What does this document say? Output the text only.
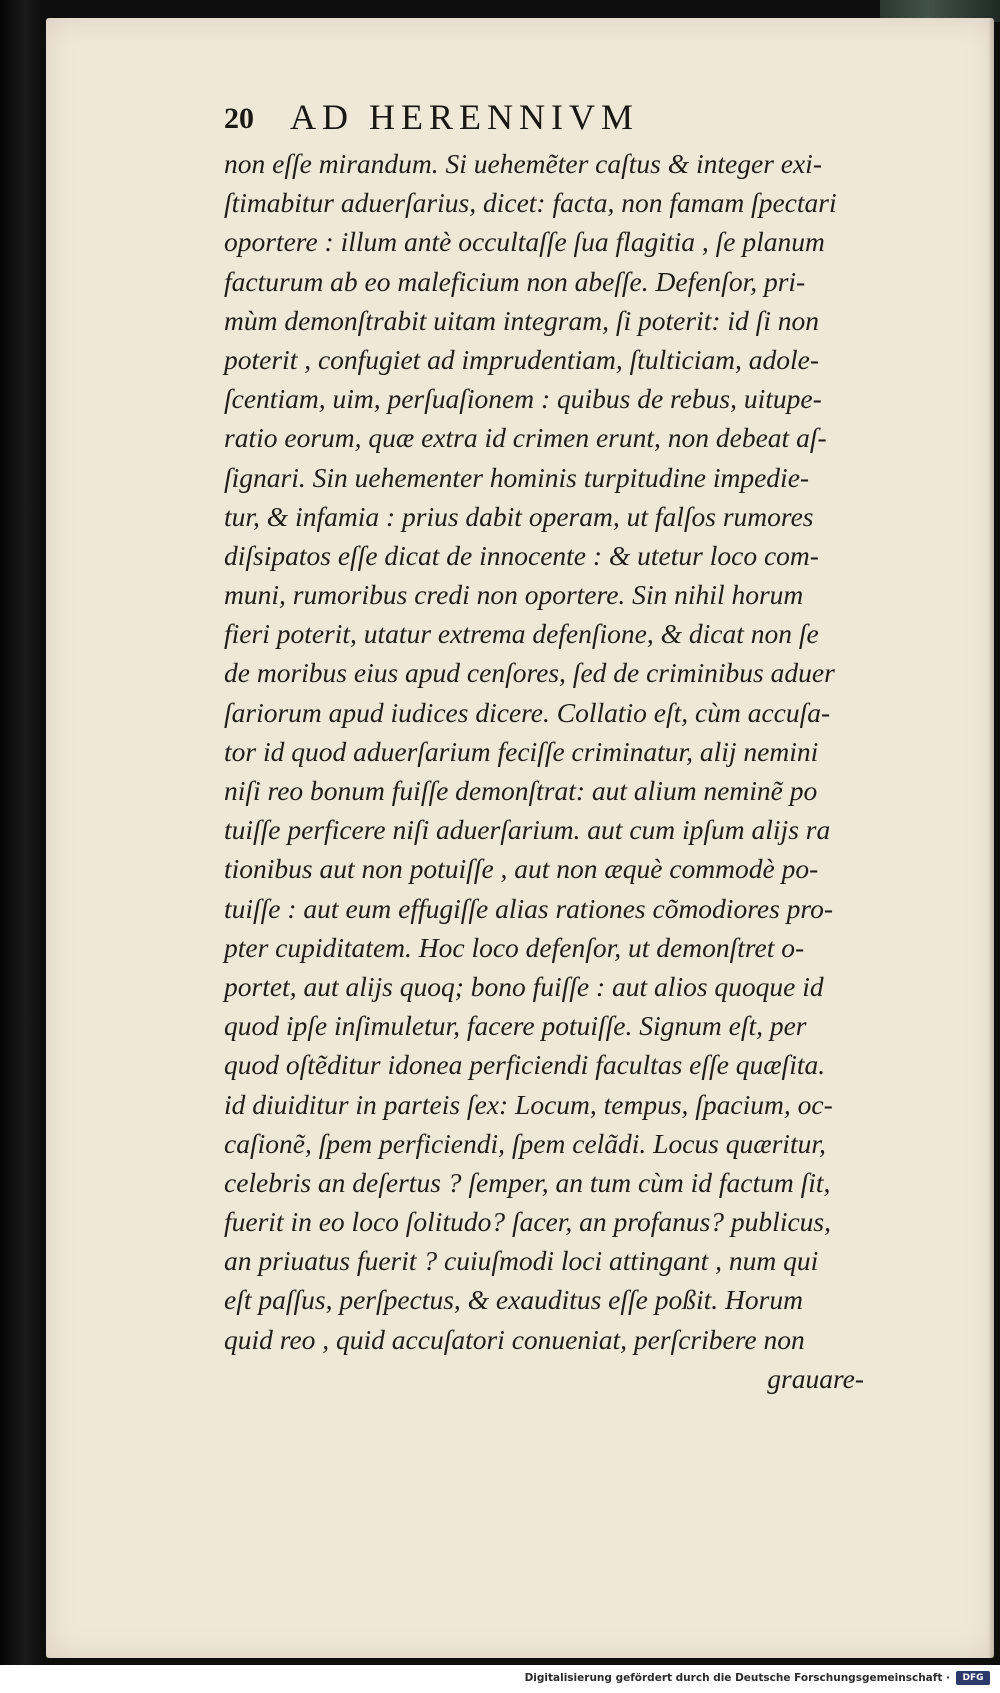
20 AD HERENNIVM
non eſſe mirandum. Si uehemẽter caſtus & integer exi-
ſtimabitur aduerſarius, dicet: facta, non famam ſpectari
oportere : illum antè occultaſſe ſua flagitia , ſe planum
facturum ab eo maleficium non abeſſe. Defenſor, pri-
mùm demonſtrabit uitam integram, ſi poterit: id ſi non
poterit , confugiet ad imprudentiam, ſtulticiam, adole-
ſcentiam, uim, perſuaſionem : quibus de rebus, uitupe-
ratio eorum, quæ extra id crimen erunt, non debeat aſ-
ſignari. Sin uehementer hominis turpitudine impedie-
tur, & infamia : prius dabit operam, ut falſos rumores
diſsipatos eſſe dicat de innocente : & utetur loco com-
muni, rumoribus credi non oportere. Sin nihil horum
fieri poterit, utatur extrema defenſione, & dicat non ſe
de moribus eius apud cenſores, ſed de criminibus aduer
ſariorum apud iudices dicere. Collatio eſt, cùm accuſa-
tor id quod aduerſarium feciſſe criminatur, alij nemini
niſi reo bonum fuiſſe demonſtrat: aut alium neminẽ po
tuiſſe perficere niſi aduerſarium. aut cum ipſum alijs ra
tionibus aut non potuiſſe , aut non æquè commodè po-
tuiſſe : aut eum effugiſſe alias rationes cõmodiores pro-
pter cupiditatem. Hoc loco defenſor, ut demonſtret o-
portet, aut alijs quoq; bono fuiſſe : aut alios quoque id
quod ipſe inſimuletur, facere potuiſſe. Signum eſt, per
quod oſtẽditur idonea perficiendi facultas eſſe quæſita.
id diuiditur in parteis ſex: Locum, tempus, ſpacium, oc-
caſionẽ, ſpem perficiendi, ſpem celãdi. Locus quæritur,
celebris an deſertus ? ſemper, an tum cùm id factum ſit,
fuerit in eo loco ſolitudo? ſacer, an profanus? publicus,
an priuatus fuerit ? cuiuſmodi loci attingant , num qui
eſt paſſus, perſpectus, & exauditus eſſe poßit. Horum
quid reo , quid accuſatori conueniat, perſcribere non
grauare-
Digitalisierung gefördert durch die Deutsche Forschungsgemeinschaft ·	DFG
